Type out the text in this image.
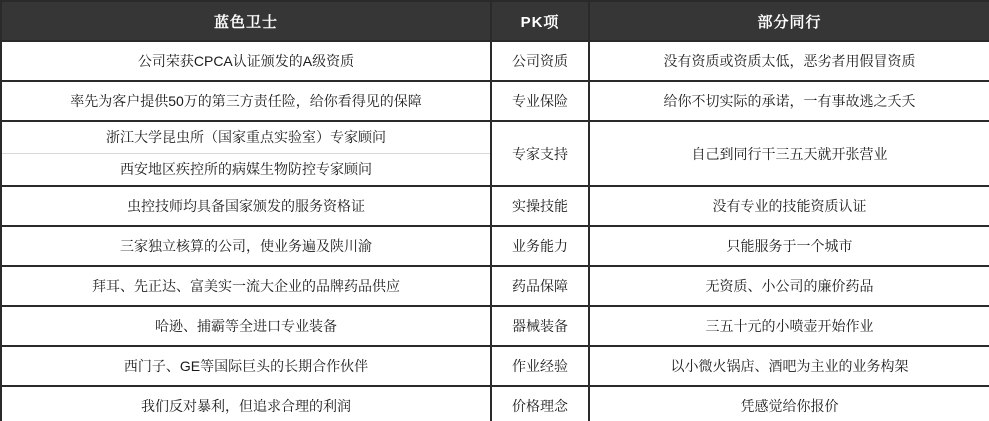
蓝色卫士	PK项	部分同行
公司荣获CPCA认证颁发的A级资质	公司资质	没有资质或资质太低，恶劣者用假冒资质
率先为客户提供50万的第三方责任险，给你看得见的保障	专业保险	给你不切实际的承诺，一有事故逃之夭夭

浙江大学昆虫所（国家重点实验室）专家顾问
西安地区疾控所的病媒生物防控专家顾问	专家支持	自己到同行干三五天就开张营业
虫控技师均具备国家颁发的服务资格证	实操技能	没有专业的技能资质认证
三家独立核算的公司，使业务遍及陕川渝	业务能力	只能服务于一个城市
拜耳、先正达、富美实一流大企业的品牌药品供应	药品保障	无资质、小公司的廉价药品
哈逊、捕霸等全进口专业装备	器械装备	三五十元的小喷壶开始作业
西门子、GE等国际巨头的长期合作伙伴	作业经验	以小微火锅店、酒吧为主业的业务构架
我们反对暴利，但追求合理的利润	价格理念	凭感觉给你报价
